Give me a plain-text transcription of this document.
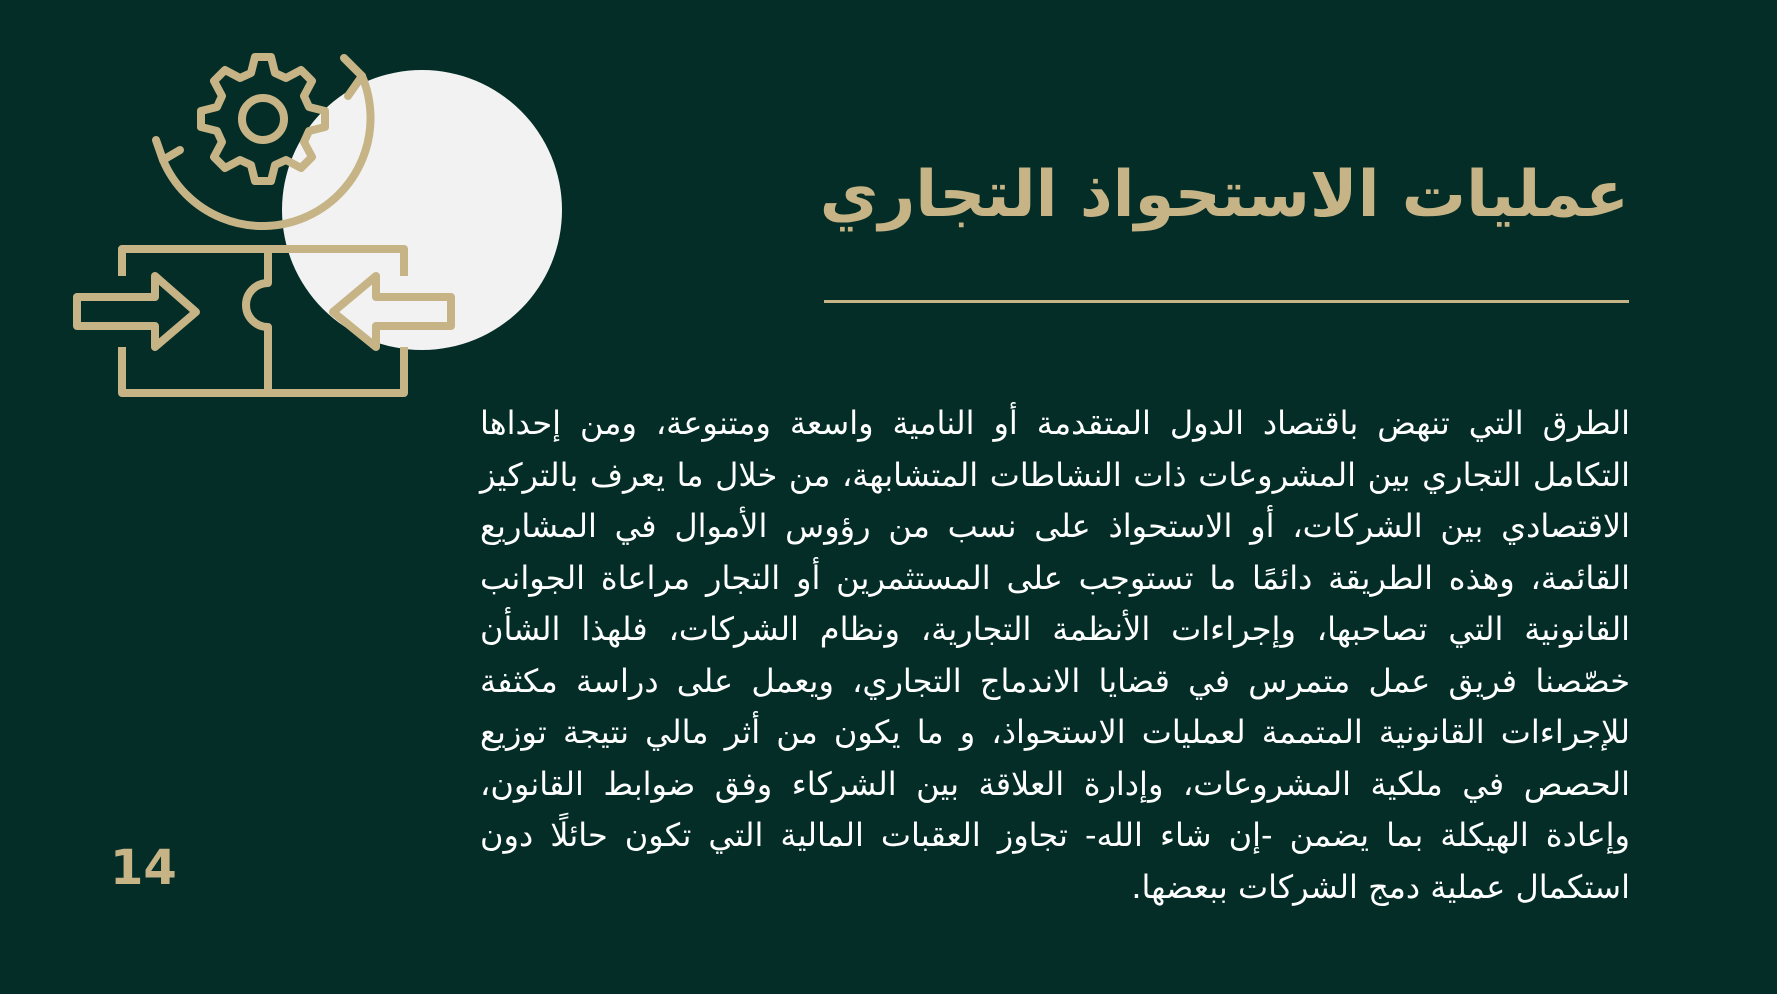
عمليات الاستحواذ التجاري

الطرق التي تنهض باقتصاد الدول المتقدمة أو النامية واسعة ومتنوعة، ومن إحداها التكامل التجاري بين المشروعات ذات النشاطات المتشابهة، من خلال ما يعرف بالتركيز الاقتصادي بين الشركات، أو الاستحواذ على نسب من رؤوس الأموال في المشاريع القائمة، وهذه الطريقة دائمًا ما تستوجب على المستثمرين أو التجار مراعاة الجوانب القانونية التي تصاحبها، وإجراءات الأنظمة التجارية، ونظام الشركات، فلهذا الشأن خصّصنا فريق عمل متمرس في قضايا الاندماج التجاري، ويعمل على دراسة مكثفة للإجراءات القانونية المتممة لعمليات الاستحواذ، و ما يكون من أثر مالي نتيجة توزيع الحصص في ملكية المشروعات، وإدارة العلاقة بين الشركاء وفق ضوابط القانون، وإعادة الهيكلة بما يضمن -إن شاء الله- تجاوز العقبات المالية التي تكون حائلًا دون استكمال عملية دمج الشركات ببعضها.

14
